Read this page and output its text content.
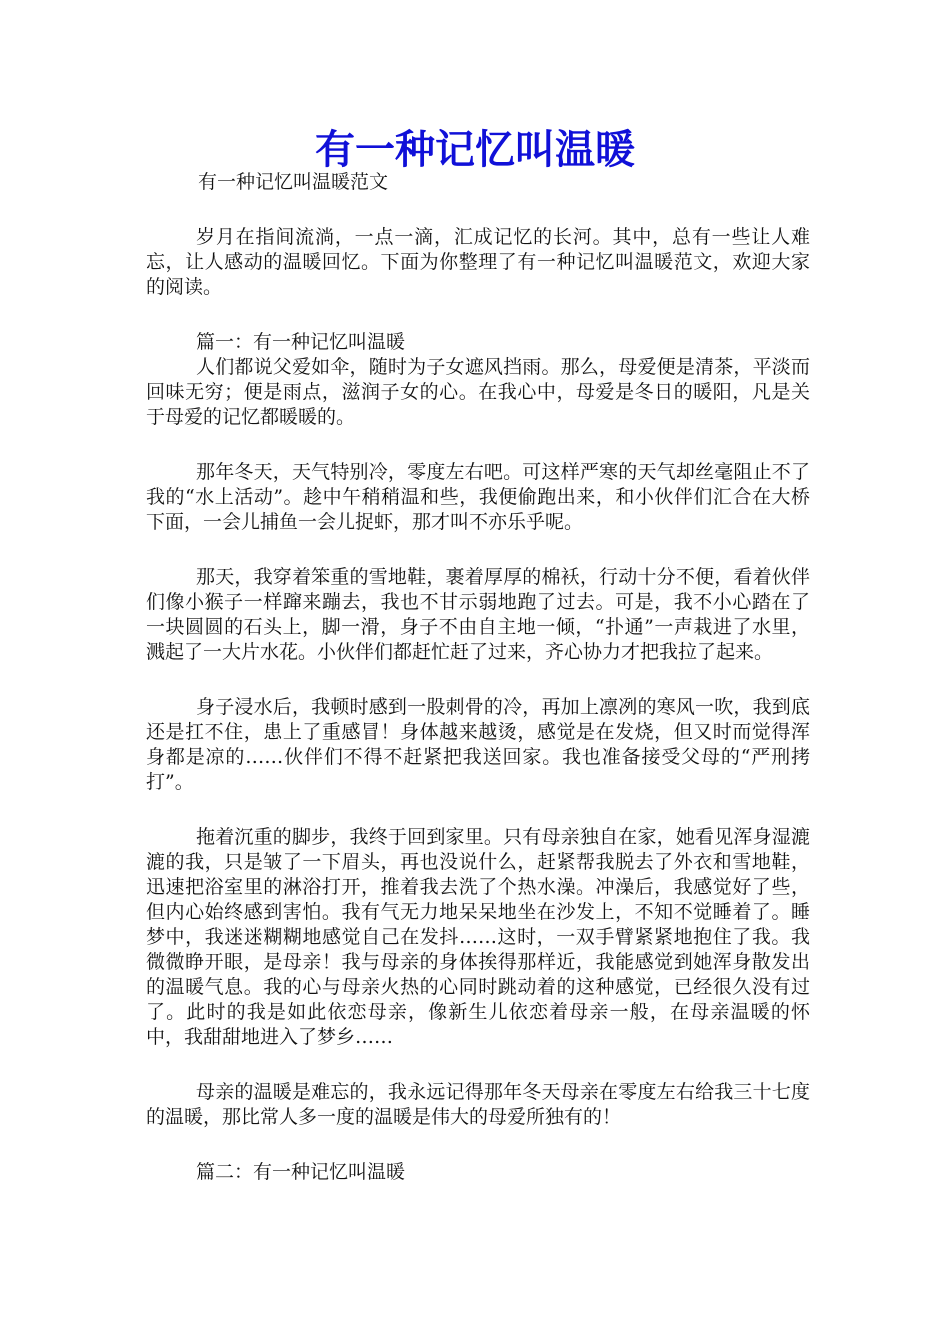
有一种记忆叫温暖

有一种记忆叫温暖范文

岁月在指间流淌，一点一滴，汇成记忆的长河。其中，总有一些让人难忘，让人感动的温暖回忆。下面为你整理了有一种记忆叫温暖范文，欢迎大家的阅读。

篇一：有一种记忆叫温暖

人们都说父爱如伞，随时为子女遮风挡雨。那么，母爱便是清茶，平淡而回味无穷；便是雨点，滋润子女的心。在我心中，母爱是冬日的暖阳，凡是关于母爱的记忆都暖暖的。

那年冬天，天气特别冷，零度左右吧。可这样严寒的天气却丝毫阻止不了我的“水上活动”。趁中午稍稍温和些，我便偷跑出来，和小伙伴们汇合在大桥下面，一会儿捕鱼一会儿捉虾，那才叫不亦乐乎呢。

那天，我穿着笨重的雪地鞋，裹着厚厚的棉袄，行动十分不便，看着伙伴们像小猴子一样蹿来蹦去，我也不甘示弱地跑了过去。可是，我不小心踏在了一块圆圆的石头上，脚一滑，身子不由自主地一倾，“扑通”一声栽进了水里，溅起了一大片水花。小伙伴们都赶忙赶了过来，齐心协力才把我拉了起来。

身子浸水后，我顿时感到一股刺骨的冷，再加上凛冽的寒风一吹，我到底还是扛不住，患上了重感冒！身体越来越烫，感觉是在发烧，但又时而觉得浑身都是凉的……伙伴们不得不赶紧把我送回家。我也准备接受父母的“严刑拷打”。

拖着沉重的脚步，我终于回到家里。只有母亲独自在家，她看见浑身湿漉漉的我，只是皱了一下眉头，再也没说什么，赶紧帮我脱去了外衣和雪地鞋，迅速把浴室里的淋浴打开，推着我去洗了个热水澡。冲澡后，我感觉好了些，但内心始终感到害怕。我有气无力地呆呆地坐在沙发上，不知不觉睡着了。睡梦中，我迷迷糊糊地感觉自己在发抖……这时，一双手臂紧紧地抱住了我。我微微睁开眼，是母亲！我与母亲的身体挨得那样近，我能感觉到她浑身散发出的温暖气息。我的心与母亲火热的心同时跳动着的这种感觉，已经很久没有过了。此时的我是如此依恋母亲，像新生儿依恋着母亲一般，在母亲温暖的怀中，我甜甜地进入了梦乡……

母亲的温暖是难忘的，我永远记得那年冬天母亲在零度左右给我三十七度的温暖，那比常人多一度的温暖是伟大的母爱所独有的！

篇二：有一种记忆叫温暖
